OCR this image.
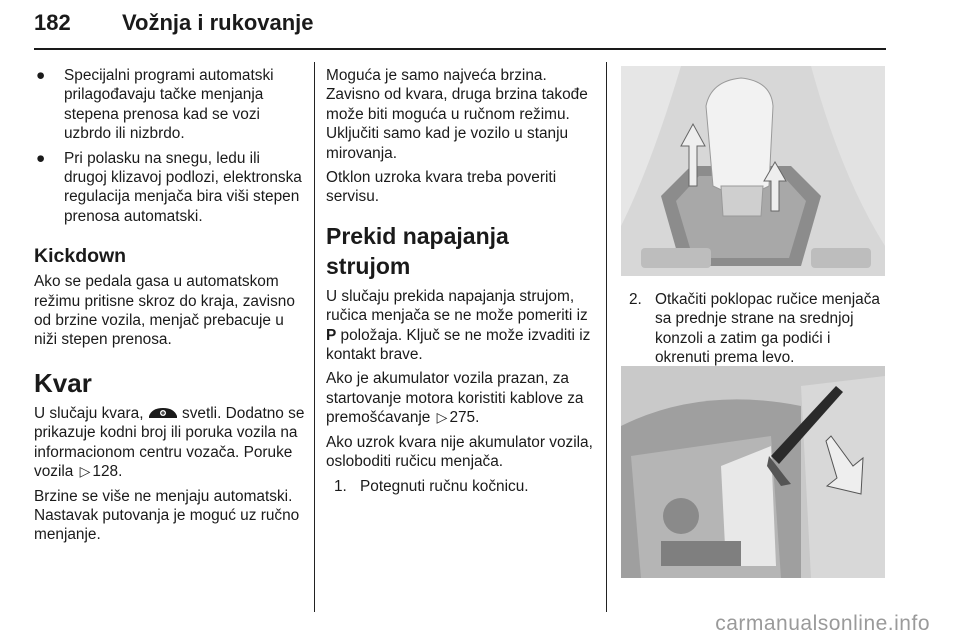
182 Vožnja i rukovanje
●	Specijalni programi automatski prilagođavaju tačke menjanja stepena prenosa kad se vozi uzbrdo ili nizbrdo.
●	Pri polasku na snegu, ledu ili drugoj klizavoj podlozi, elektronska regulacija menjača bira viši stepen prenosa automatski.
Kickdown

Ako se pedala gasa u automatskom režimu pritisne skroz do kraja, zavisno od brzine vozila, menjač prebacuje u niži stepen prenosa.

Kvar

U slučaju kvara,  svetli. Dodatno se prikazuje kodni broj ili poruka vozila na informacionom centru vozača. Poruke vozila ▷ 128.

Brzine se više ne menjaju automatski. Nastavak putovanja je moguć uz ručno menjanje.

Moguća je samo najveća brzina. Zavisno od kvara, druga brzina takođe može biti moguća u ručnom režimu. Uključiti samo kad je vozilo u stanju mirovanja.

Otklon uzroka kvara treba poveriti servisu.

Prekid napajanja strujom

U slučaju prekida napajanja strujom, ručica menjača se ne može pomeriti iz P položaja. Ključ se ne može izvaditi iz kontakt brave.

Ako je akumulator vozila prazan, za startovanje motora koristiti kablove za premošćavanje ▷ 275.

Ako uzrok kvara nije akumulator vozila, osloboditi ručicu menjača.

1. Potegnuti ručnu kočnicu.
2. Otkačiti poklopac ručice menjača sa prednje strane na srednjoj konzoli a zatim ga podići i okrenuti prema levo.
carmanualsonline.info
